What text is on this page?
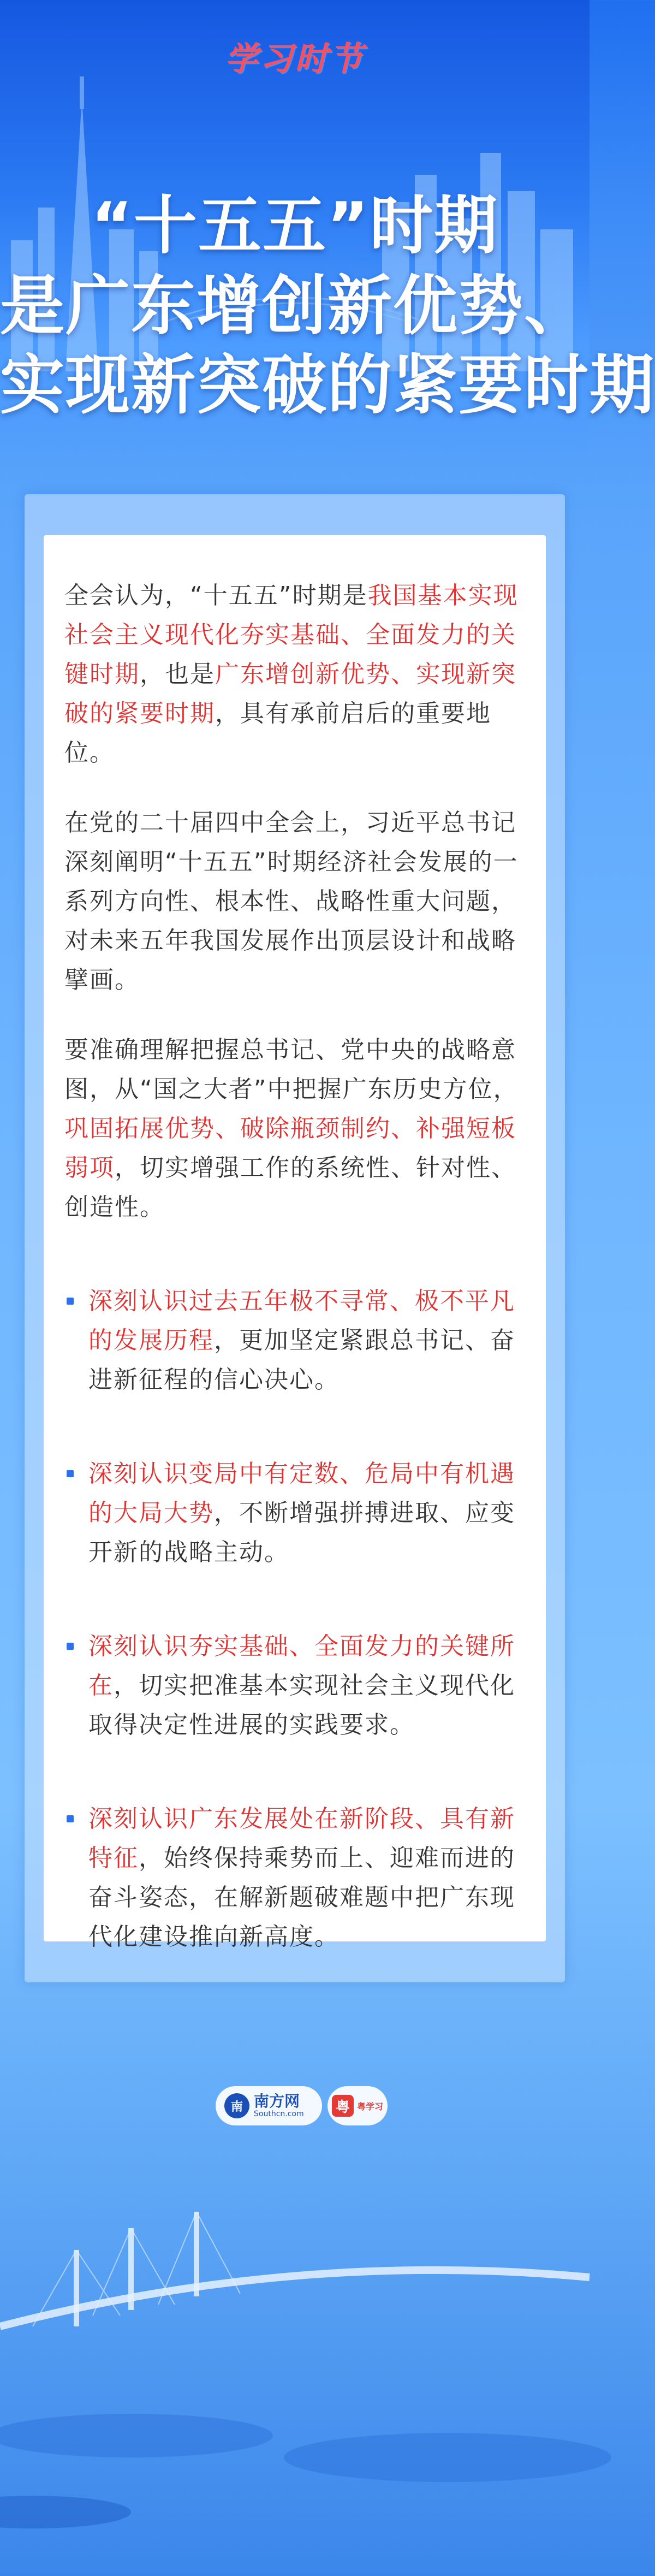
学习时节
“十五五”时期
是广东增创新优势、
实现新突破的紧要时期
全会认为，“十五五”时期是我国基本实现社会主义现代化夯实基础、全面发力的关键时期，也是广东增创新优势、实现新突破的紧要时期，具有承前启后的重要地位。
在党的二十届四中全会上，习近平总书记深刻阐明“十五五”时期经济社会发展的一系列方向性、根本性、战略性重大问题，对未来五年我国发展作出顶层设计和战略擘画。
要准确理解把握总书记、党中央的战略意图，从“国之大者”中把握广东历史方位，巩固拓展优势、破除瓶颈制约、补强短板弱项，切实增强工作的系统性、针对性、创造性。
深刻认识过去五年极不寻常、极不平凡的发展历程，更加坚定紧跟总书记、奋进新征程的信心决心。
深刻认识变局中有定数、危局中有机遇的大局大势，不断增强拼搏进取、应变开新的战略主动。
深刻认识夯实基础、全面发力的关键所在，切实把准基本实现社会主义现代化取得决定性进展的实践要求。
深刻认识广东发展处在新阶段、具有新特征，始终保持乘势而上、迎难而进的奋斗姿态，在解新题破难题中把广东现代化建设推向新高度。
南 南方网
Southcn.com 粤 粤学习
